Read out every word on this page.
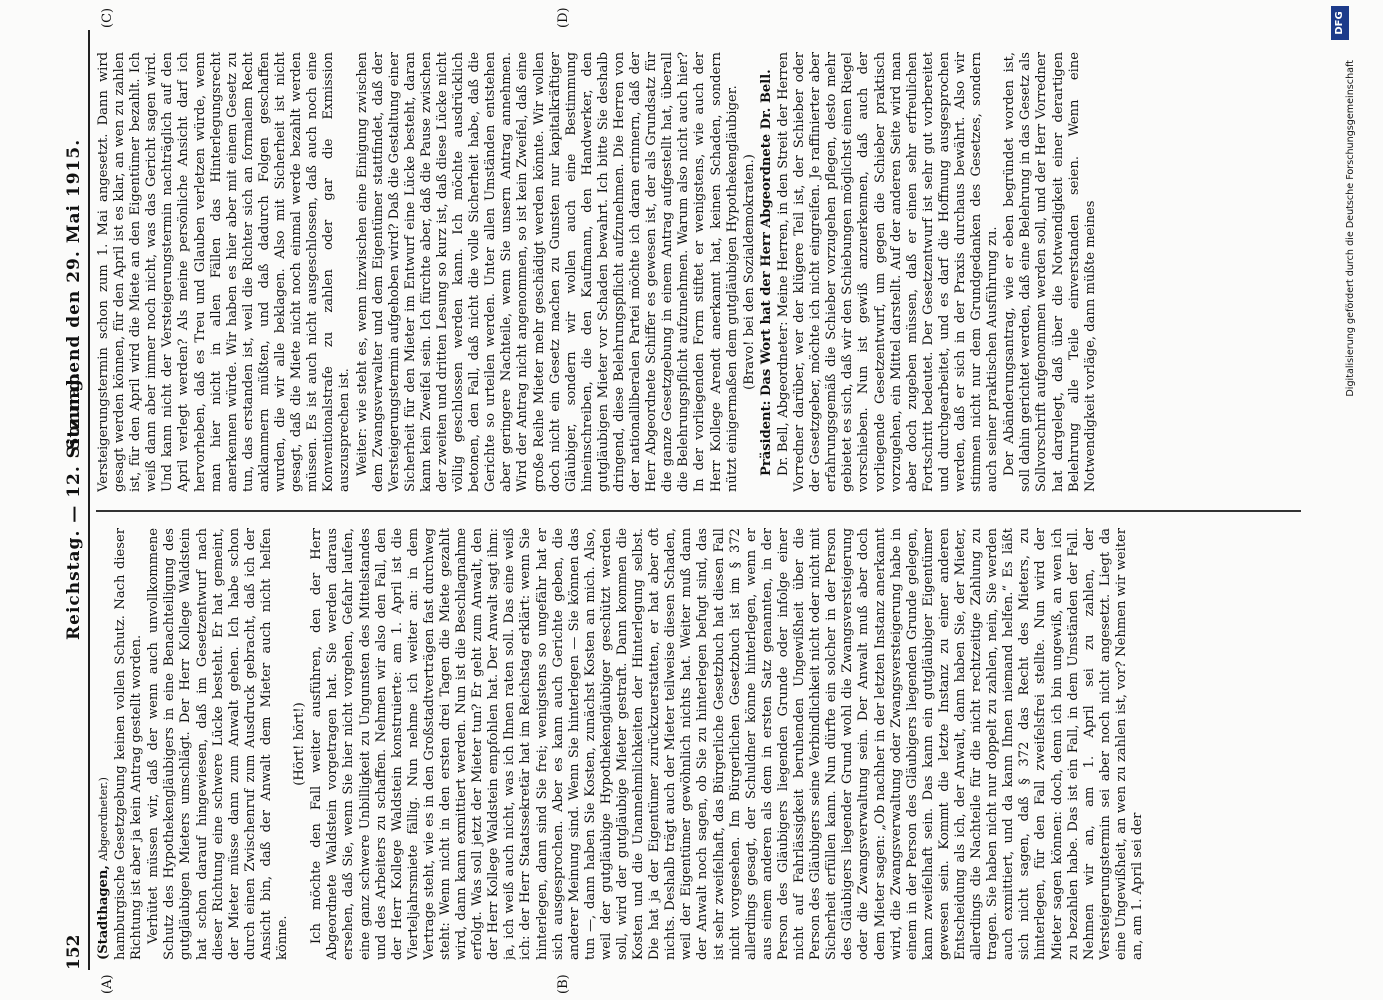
152
Reichstag. — 12. Sitzung.
Sonnabend den 29. Mai 1915.
(A)	(B)
(C)	(D)

(Stadthagen, Abgeordneter.) hamburgische Gesetzgebung keinen vollen Schutz. Nach dieser Richtung ist aber ja kein Antrag gestellt worden. Verhütet müssen wir, daß der wenn auch unvollkommene Schutz des Hypothekengläubigers in eine Benachteiligung des gutgläubigen Mieters umschlägt. Der Herr Kollege Waldstein hat schon darauf hingewiesen, daß im Gesetzentwurf nach dieser Richtung eine schwere Lücke besteht. Er hat gemeint, der Mieter müsse dann zum Anwalt gehen. Ich habe schon durch einen Zwischenruf zum Ausdruck gebracht, daß ich der Ansicht bin, daß der Anwalt dem Mieter auch nicht helfen könne.

(Hört! hört!) Ich möchte den Fall weiter ausführen, den der Herr Abgeordnete Waldstein vorgetragen hat. Sie werden daraus ersehen, daß Sie, wenn Sie hier nicht vorgehen, Gefahr laufen, eine ganz schwere Unbilligkeit zu Ungunsten des Mittelstandes und des Arbeiters zu schaffen. Nehmen wir also den Fall, den der Herr Kollege Waldstein konstruierte: am 1. April ist die Vierteljahrsmiete fällig. Nun nehme ich weiter an: in dem Vertrage steht, wie es in den Großstadtverträgen fast durchweg steht: Wenn nicht in den ersten drei Tagen die Miete gezahlt wird, dann kann exmittiert werden. Nun ist die Beschlagnahme erfolgt. Was soll jetzt der Mieter tun? Er geht zum Anwalt, den der Herr Kollege Waldstein empfohlen hat. Der Anwalt sagt ihm: ja, ich weiß auch nicht, was ich Ihnen raten soll. Das eine weiß ich: der Herr Staatssekretär hat im Reichstag erklärt: wenn Sie hinterlegen, dann sind Sie frei; wenigstens so ungefähr hat er sich ausgesprochen. Aber es kann auch Gerichte geben, die anderer Meinung sind. Wenn Sie hinterlegen — Sie können das tun —, dann haben Sie Kosten, zunächst Kosten an mich. Also, weil der gutgläubige Hypothekengläubiger geschützt werden soll, wird der gutgläubige Mieter gestraft. Dann kommen die Kosten und die Unannehmlichkeiten der Hinterlegung selbst. Die hat ja der Eigentümer zurückzuerstatten, er hat aber oft nichts. Deshalb trägt auch der Mieter teilweise diesen Schaden, weil der Eigentümer gewöhnlich nichts hat. Weiter muß dann der Anwalt noch sagen, ob Sie zu hinterlegen befugt sind, das ist sehr zweifelhaft, das Bürgerliche Gesetzbuch hat diesen Fall nicht vorgesehen. Im Bürgerlichen Gesetzbuch ist im § 372 allerdings gesagt, der Schuldner könne hinterlegen, wenn er aus einem anderen als dem in ersten Satz genannten, in der Person des Gläubigers liegenden Grunde oder infolge einer nicht auf Fahrlässigkeit beruhenden Ungewißheit über die Person des Gläubigers seine Verbindlichkeit nicht oder nicht mit Sicherheit erfüllen kann. Nun dürfte ein solcher in der Person des Gläubigers liegender Grund wohl die Zwangsversteigerung oder die Zwangsverwaltung sein. Der Anwalt muß aber doch dem Mieter sagen: „Ob nachher in der letzten Instanz anerkannt wird, die Zwangsverwaltung oder Zwangsversteigerung habe in einem in der Person des Gläubigers liegenden Grunde gelegen, kann zweifelhaft sein. Das kann ein gutgläubiger Eigentümer gewesen sein. Kommt die letzte Instanz zu einer anderen Entscheidung als ich, der Anwalt, dann haben Sie, der Mieter, allerdings die Nachteile für die nicht rechtzeitige Zahlung zu tragen. Sie haben nicht nur doppelt zu zahlen, nein, Sie werden auch exmittiert, und da kann Ihnen niemand helfen.“ Es läßt sich nicht sagen, daß § 372 das Recht des Mieters, zu hinterlegen, für den Fall zweifelsfrei stellte. Nun wird der Mieter sagen können: doch, denn ich bin ungewiß, an wen ich zu bezahlen habe. Das ist ein Fall, in dem Umständen der Fall. Nehmen wir an, am 1. April sei zu zahlen, der Versteigerungstermin sei aber noch nicht angesetzt. Liegt da eine Ungewißheit, an wen zu zahlen ist, vor? Nehmen wir weiter an, am 1. April sei der

Versteigerungstermin schon zum 1. Mai angesetzt. Dann wird gesagt werden können, für den April ist es klar, an wen zu zahlen ist, für den April wird die Miete an den Eigentümer bezahlt. Ich weiß dann aber immer noch nicht, was das Gericht sagen wird. Und kann nicht der Versteigerungstermin nachträglich auf den April verlegt werden? Als meine persönliche Ansicht darf ich hervorheben, daß es Treu und Glauben verletzen würde, wenn man hier nicht in allen Fällen das Hinterlegungsrecht anerkennen würde. Wir haben es hier aber mit einem Gesetz zu tun, das erstanden ist, weil die Richter sich an formalem Recht anklammern müßten, und daß dadurch Folgen geschaffen wurden, die wir alle beklagen. Also mit Sicherheit ist nicht gesagt, daß die Miete nicht noch einmal werde bezahlt werden müssen. Es ist auch nicht ausgeschlossen, daß auch noch eine Konventionalstrafe zu zahlen oder gar die Exmission auszusprechen ist. Weiter: wie steht es, wenn inzwischen eine Einigung zwischen dem Zwangsverwalter und dem Eigentümer stattfindet, daß der Versteigerungstermin aufgehoben wird? Daß die Gestaltung einer Sicherheit für den Mieter im Entwurf eine Lücke besteht, daran kann kein Zweifel sein. Ich fürchte aber, daß die Pause zwischen der zweiten und dritten Lesung so kurz ist, daß diese Lücke nicht völlig geschlossen werden kann. Ich möchte ausdrücklich betonen, den Fall, daß nicht die volle Sicherheit habe, daß die Gerichte so urteilen werden. Unter allen Umständen entstehen aber geringere Nachteile, wenn Sie unsern Antrag annehmen. Wird der Antrag nicht angenommen, so ist kein Zweifel, daß eine große Reihe Mieter mehr geschädigt werden könnte. Wir wollen doch nicht ein Gesetz machen zu Gunsten nur kapitalkräftiger Gläubiger, sondern wir wollen auch eine Bestimmung hineinschreiben, die den Kaufmann, den Handwerker, den gutgläubigen Mieter vor Schaden bewahrt. Ich bitte Sie deshalb dringend, diese Belehrungspflicht aufzunehmen. Die Herren von der nationalliberalen Partei möchte ich daran erinnern, daß der Herr Abgeordnete Schiffer es gewesen ist, der als Grundsatz für die ganze Gesetzgebung in einem Antrag aufgestellt hat, überall die Belehrungspflicht aufzunehmen. Warum also nicht auch hier? In der vorliegenden Form stiftet er wenigstens, wie auch der Herr Kollege Arendt anerkannt hat, keinen Schaden, sondern nützt einigermaßen dem gutgläubigen Hypothekengläubiger. (Bravo! bei den Sozialdemokraten.) Präsident: Das Wort hat der Herr Abgeordnete Dr. Bell. Dr. Bell, Abgeordneter: Meine Herren, in den Streit der Herren Vorredner darüber, wer der klügere Teil ist, der Schieber oder der Gesetzgeber, möchte ich nicht eingreifen. Je raffinierter aber erfahrungsgemäß die Schieber vorzugehen pflegen, desto mehr gebietet es sich, daß wir den Schiebungen möglichst einen Riegel vorschieben. Nun ist gewiß anzuerkennen, daß auch der vorliegende Gesetzentwurf, um gegen die Schieber praktisch vorzugehen, ein Mittel darstellt. Auf der anderen Seite wird man aber doch zugeben müssen, daß er einen sehr erfreulichen Fortschritt bedeutet. Der Gesetzentwurf ist sehr gut vorbereitet und durchgearbeitet, und es darf die Hoffnung ausgesprochen werden, daß er sich in der Praxis durchaus bewährt. Also wir stimmen nicht nur dem Grundgedanken des Gesetzes, sondern auch seiner praktischen Ausführung zu. Der Abänderungsantrag, wie er eben begründet worden ist, soll dahin gerichtet werden, daß eine Belehrung in das Gesetz als Sollvorschrift aufgenommen werden soll, und der Herr Vorredner hat dargelegt, daß über die Notwendigkeit einer derartigen Belehrung alle Teile einverstanden seien. Wenn eine Notwendigkeit vorläge, dann müßte meines

DFG
Digitalisierung gefördert durch die Deutsche Forschungsgemeinschaft
